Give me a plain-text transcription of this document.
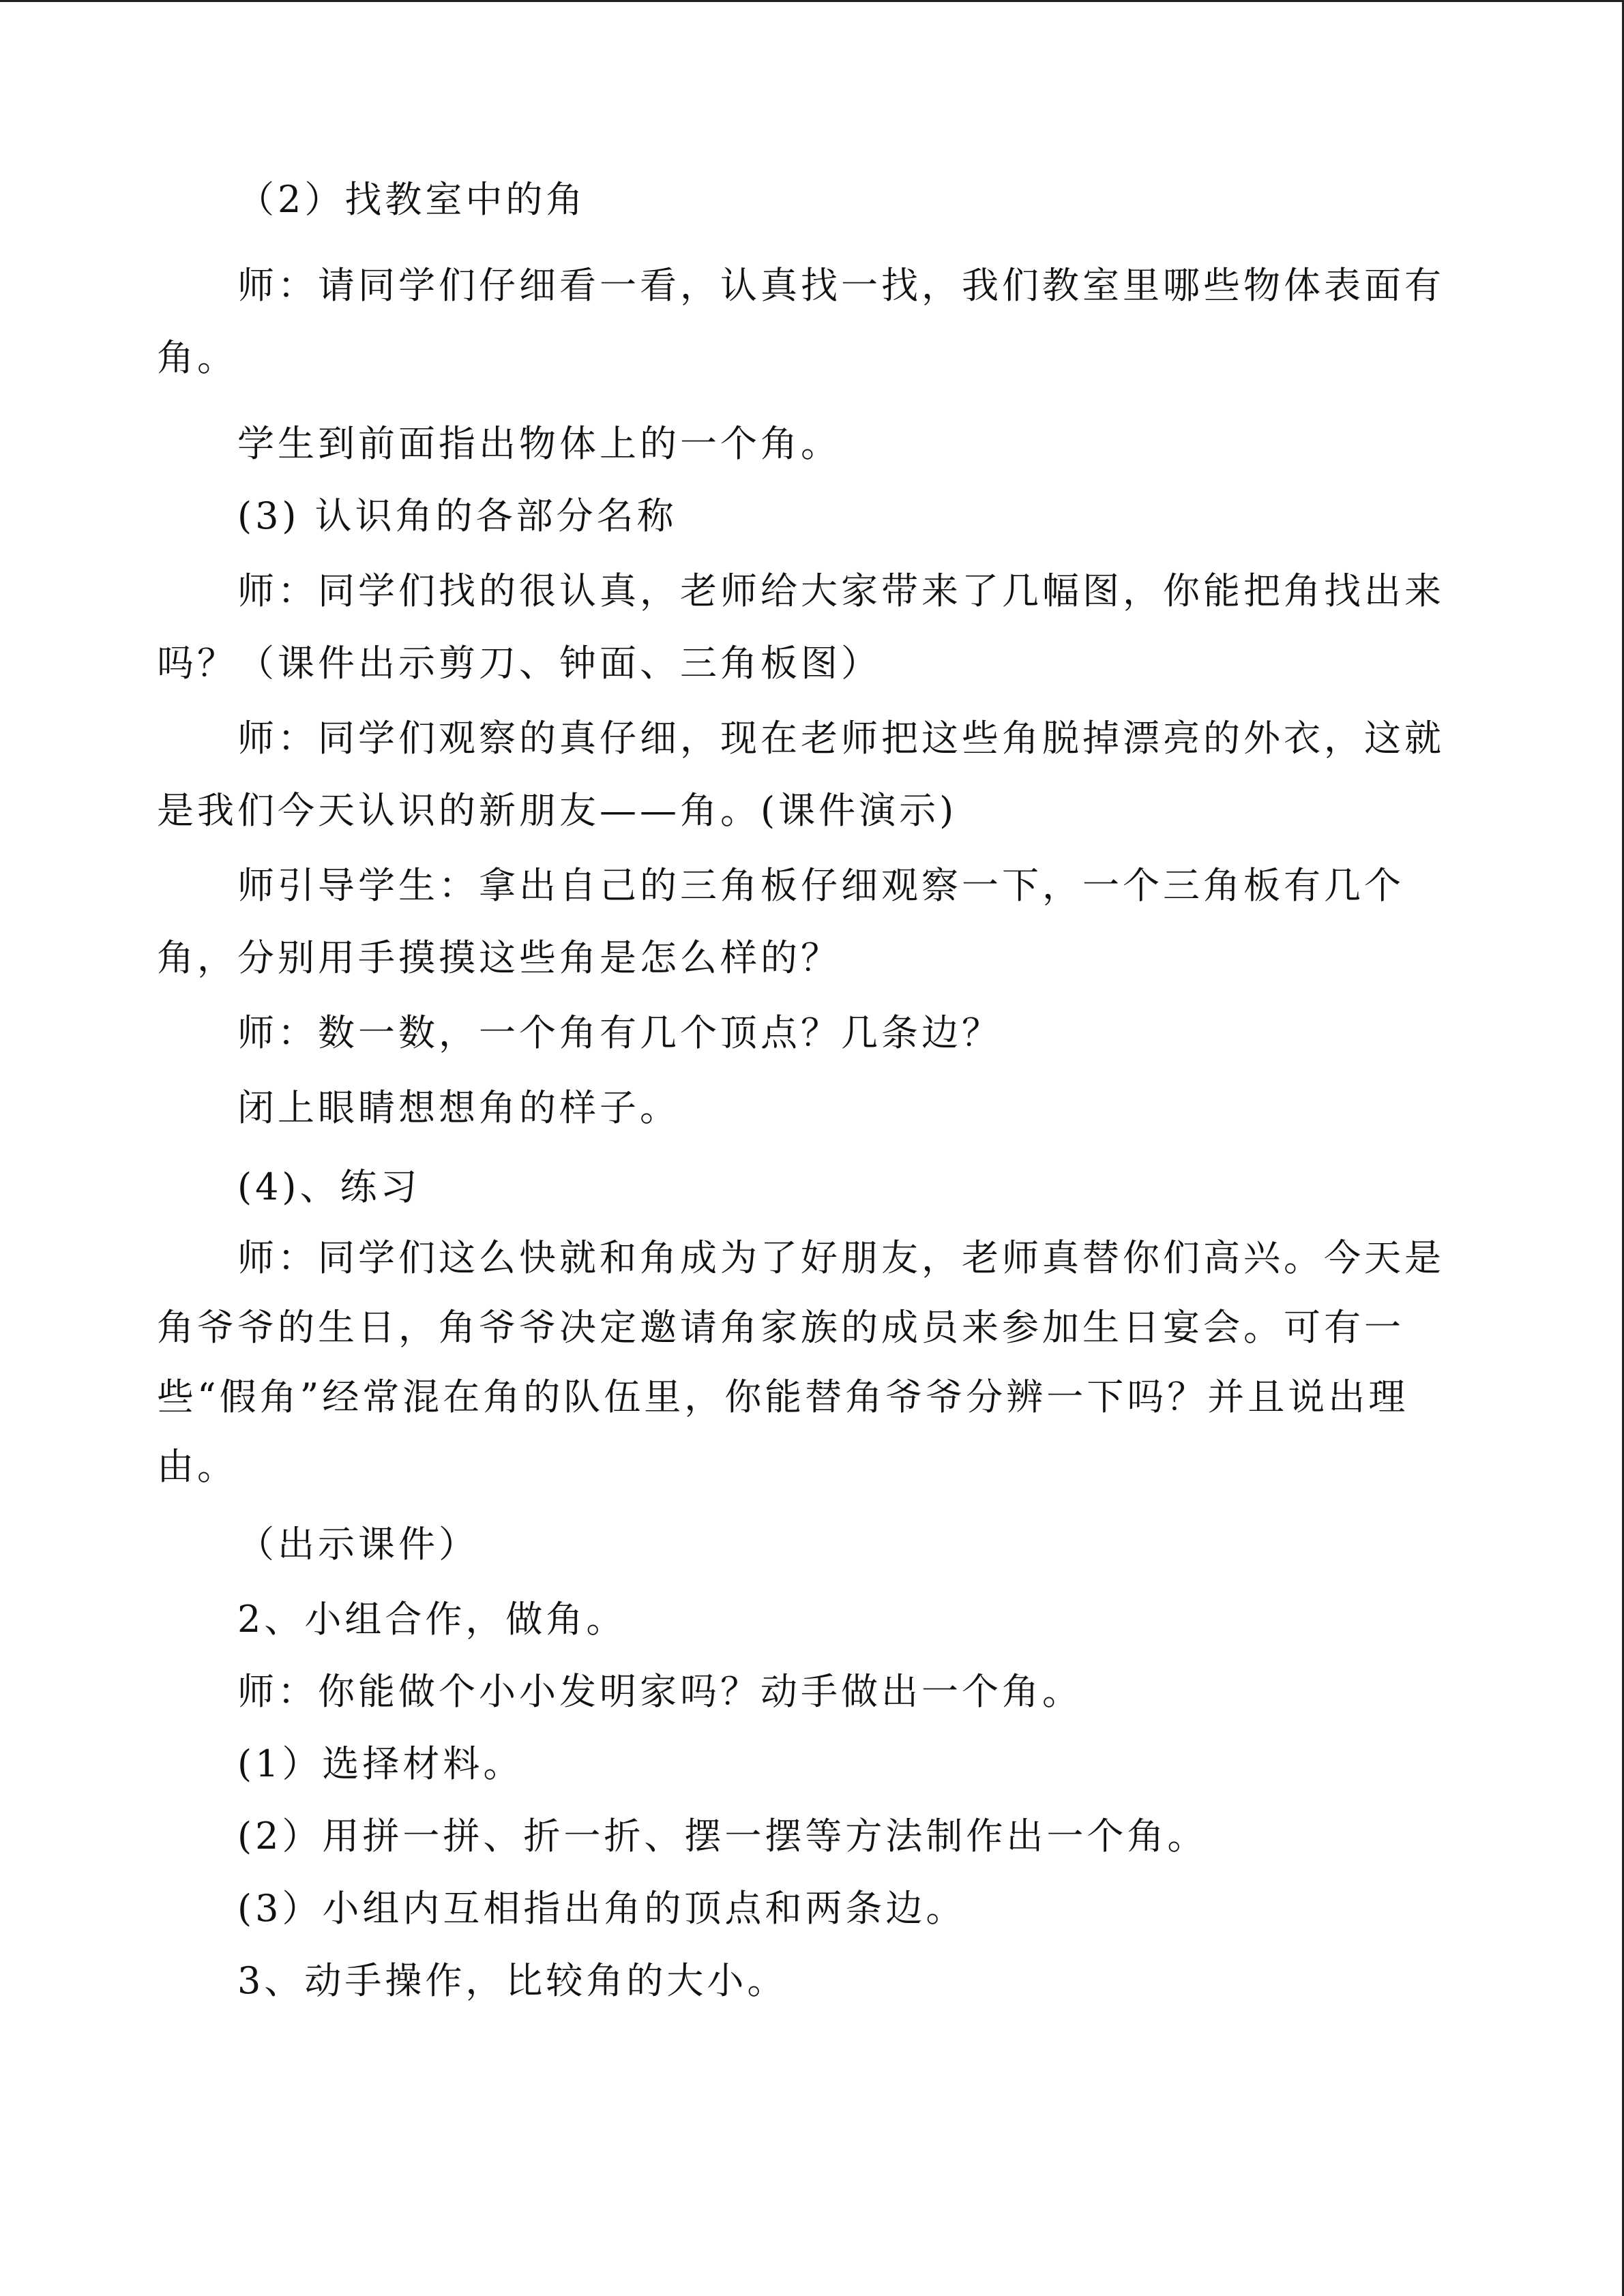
（2）找教室中的角

师：请同学们仔细看一看，认真找一找，我们教室里哪些物体表面有角。

学生到前面指出物体上的一个角。

(3) 认识角的各部分名称

师：同学们找的很认真，老师给大家带来了几幅图，你能把角找出来吗？（课件出示剪刀、钟面、三角板图）

师：同学们观察的真仔细，现在老师把这些角脱掉漂亮的外衣，这就是我们今天认识的新朋友——角。(课件演示)

师引导学生：拿出自己的三角板仔细观察一下，一个三角板有几个角，分别用手摸摸这些角是怎么样的？

师：数一数，一个角有几个顶点？几条边？

闭上眼睛想想角的样子。

(4)、练习

师：同学们这么快就和角成为了好朋友，老师真替你们高兴。今天是角爷爷的生日，角爷爷决定邀请角家族的成员来参加生日宴会。可有一些“假角”经常混在角的队伍里，你能替角爷爷分辨一下吗？并且说出理由。

（出示课件）

2、小组合作，做角。

师：你能做个小小发明家吗？动手做出一个角。

(1）选择材料。

(2）用拼一拼、折一折、摆一摆等方法制作出一个角。

(3）小组内互相指出角的顶点和两条边。

3、动手操作，比较角的大小。
